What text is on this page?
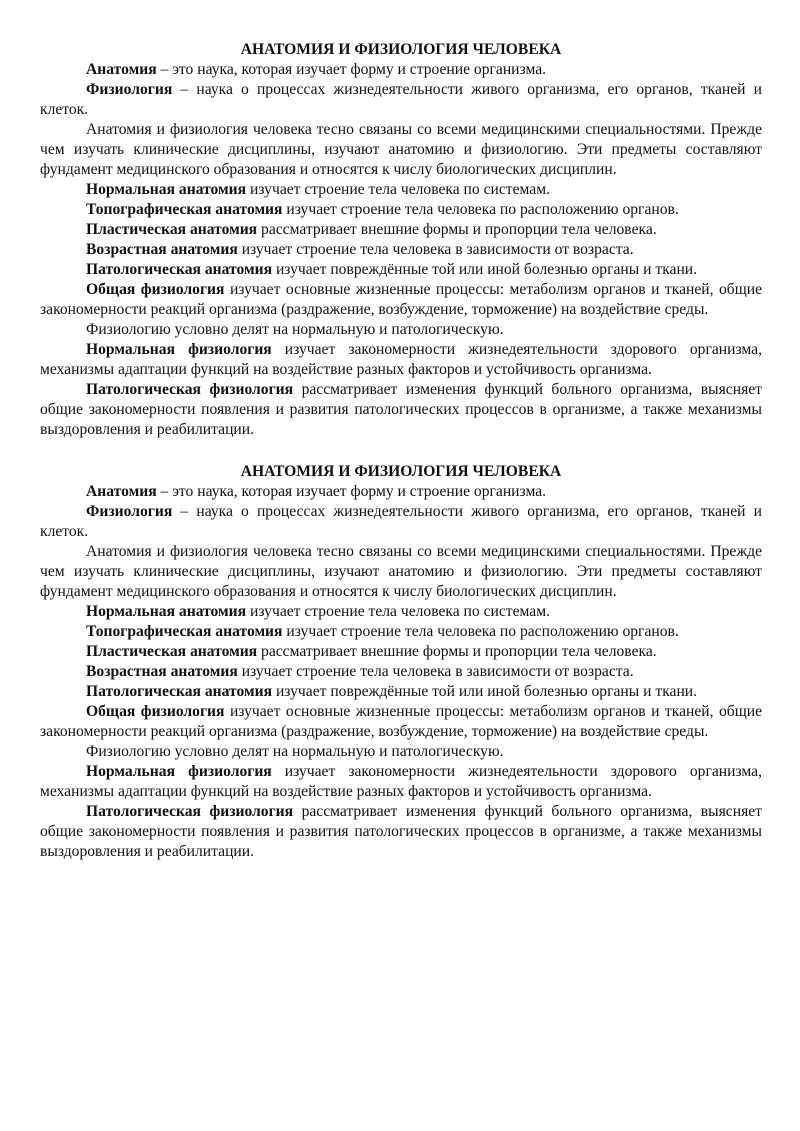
АНАТОМИЯ И ФИЗИОЛОГИЯ ЧЕЛОВЕКА

Анатомия – это наука, которая изучает форму и строение организма.

Физиология – наука о процессах жизнедеятельности живого организма, его органов, тканей и клеток.

Анатомия и физиология человека тесно связаны со всеми медицинскими специальностями. Прежде чем изучать клинические дисциплины, изучают анатомию и физиологию. Эти предметы составляют фундамент медицинского образования и относятся к числу биологических дисциплин.

Нормальная анатомия изучает строение тела человека по системам.

Топографическая анатомия изучает строение тела человека по расположению органов.

Пластическая анатомия рассматривает внешние формы и пропорции тела человека.

Возрастная анатомия изучает строение тела человека в зависимости от возраста.

Патологическая анатомия изучает повреждённые той или иной болезнью органы и ткани.

Общая физиология изучает основные жизненные процессы: метаболизм органов и тканей, общие закономерности реакций организма (раздражение, возбуждение, торможение) на воздействие среды.

Физиологию условно делят на нормальную и патологическую.

Нормальная физиология изучает закономерности жизнедеятельности здорового организма, механизмы адаптации функций на воздействие разных факторов и устойчивость организма.

Патологическая физиология рассматривает изменения функций больного организма, выясняет общие закономерности появления и развития патологических процессов в организме, а также механизмы выздоровления и реабилитации.

АНАТОМИЯ И ФИЗИОЛОГИЯ ЧЕЛОВЕКА

Анатомия – это наука, которая изучает форму и строение организма.

Физиология – наука о процессах жизнедеятельности живого организма, его органов, тканей и клеток.

Анатомия и физиология человека тесно связаны со всеми медицинскими специальностями. Прежде чем изучать клинические дисциплины, изучают анатомию и физиологию. Эти предметы составляют фундамент медицинского образования и относятся к числу биологических дисциплин.

Нормальная анатомия изучает строение тела человека по системам.

Топографическая анатомия изучает строение тела человека по расположению органов.

Пластическая анатомия рассматривает внешние формы и пропорции тела человека.

Возрастная анатомия изучает строение тела человека в зависимости от возраста.

Патологическая анатомия изучает повреждённые той или иной болезнью органы и ткани.

Общая физиология изучает основные жизненные процессы: метаболизм органов и тканей, общие закономерности реакций организма (раздражение, возбуждение, торможение) на воздействие среды.

Физиологию условно делят на нормальную и патологическую.

Нормальная физиология изучает закономерности жизнедеятельности здорового организма, механизмы адаптации функций на воздействие разных факторов и устойчивость организма.

Патологическая физиология рассматривает изменения функций больного организма, выясняет общие закономерности появления и развития патологических процессов в организме, а также механизмы выздоровления и реабилитации.
